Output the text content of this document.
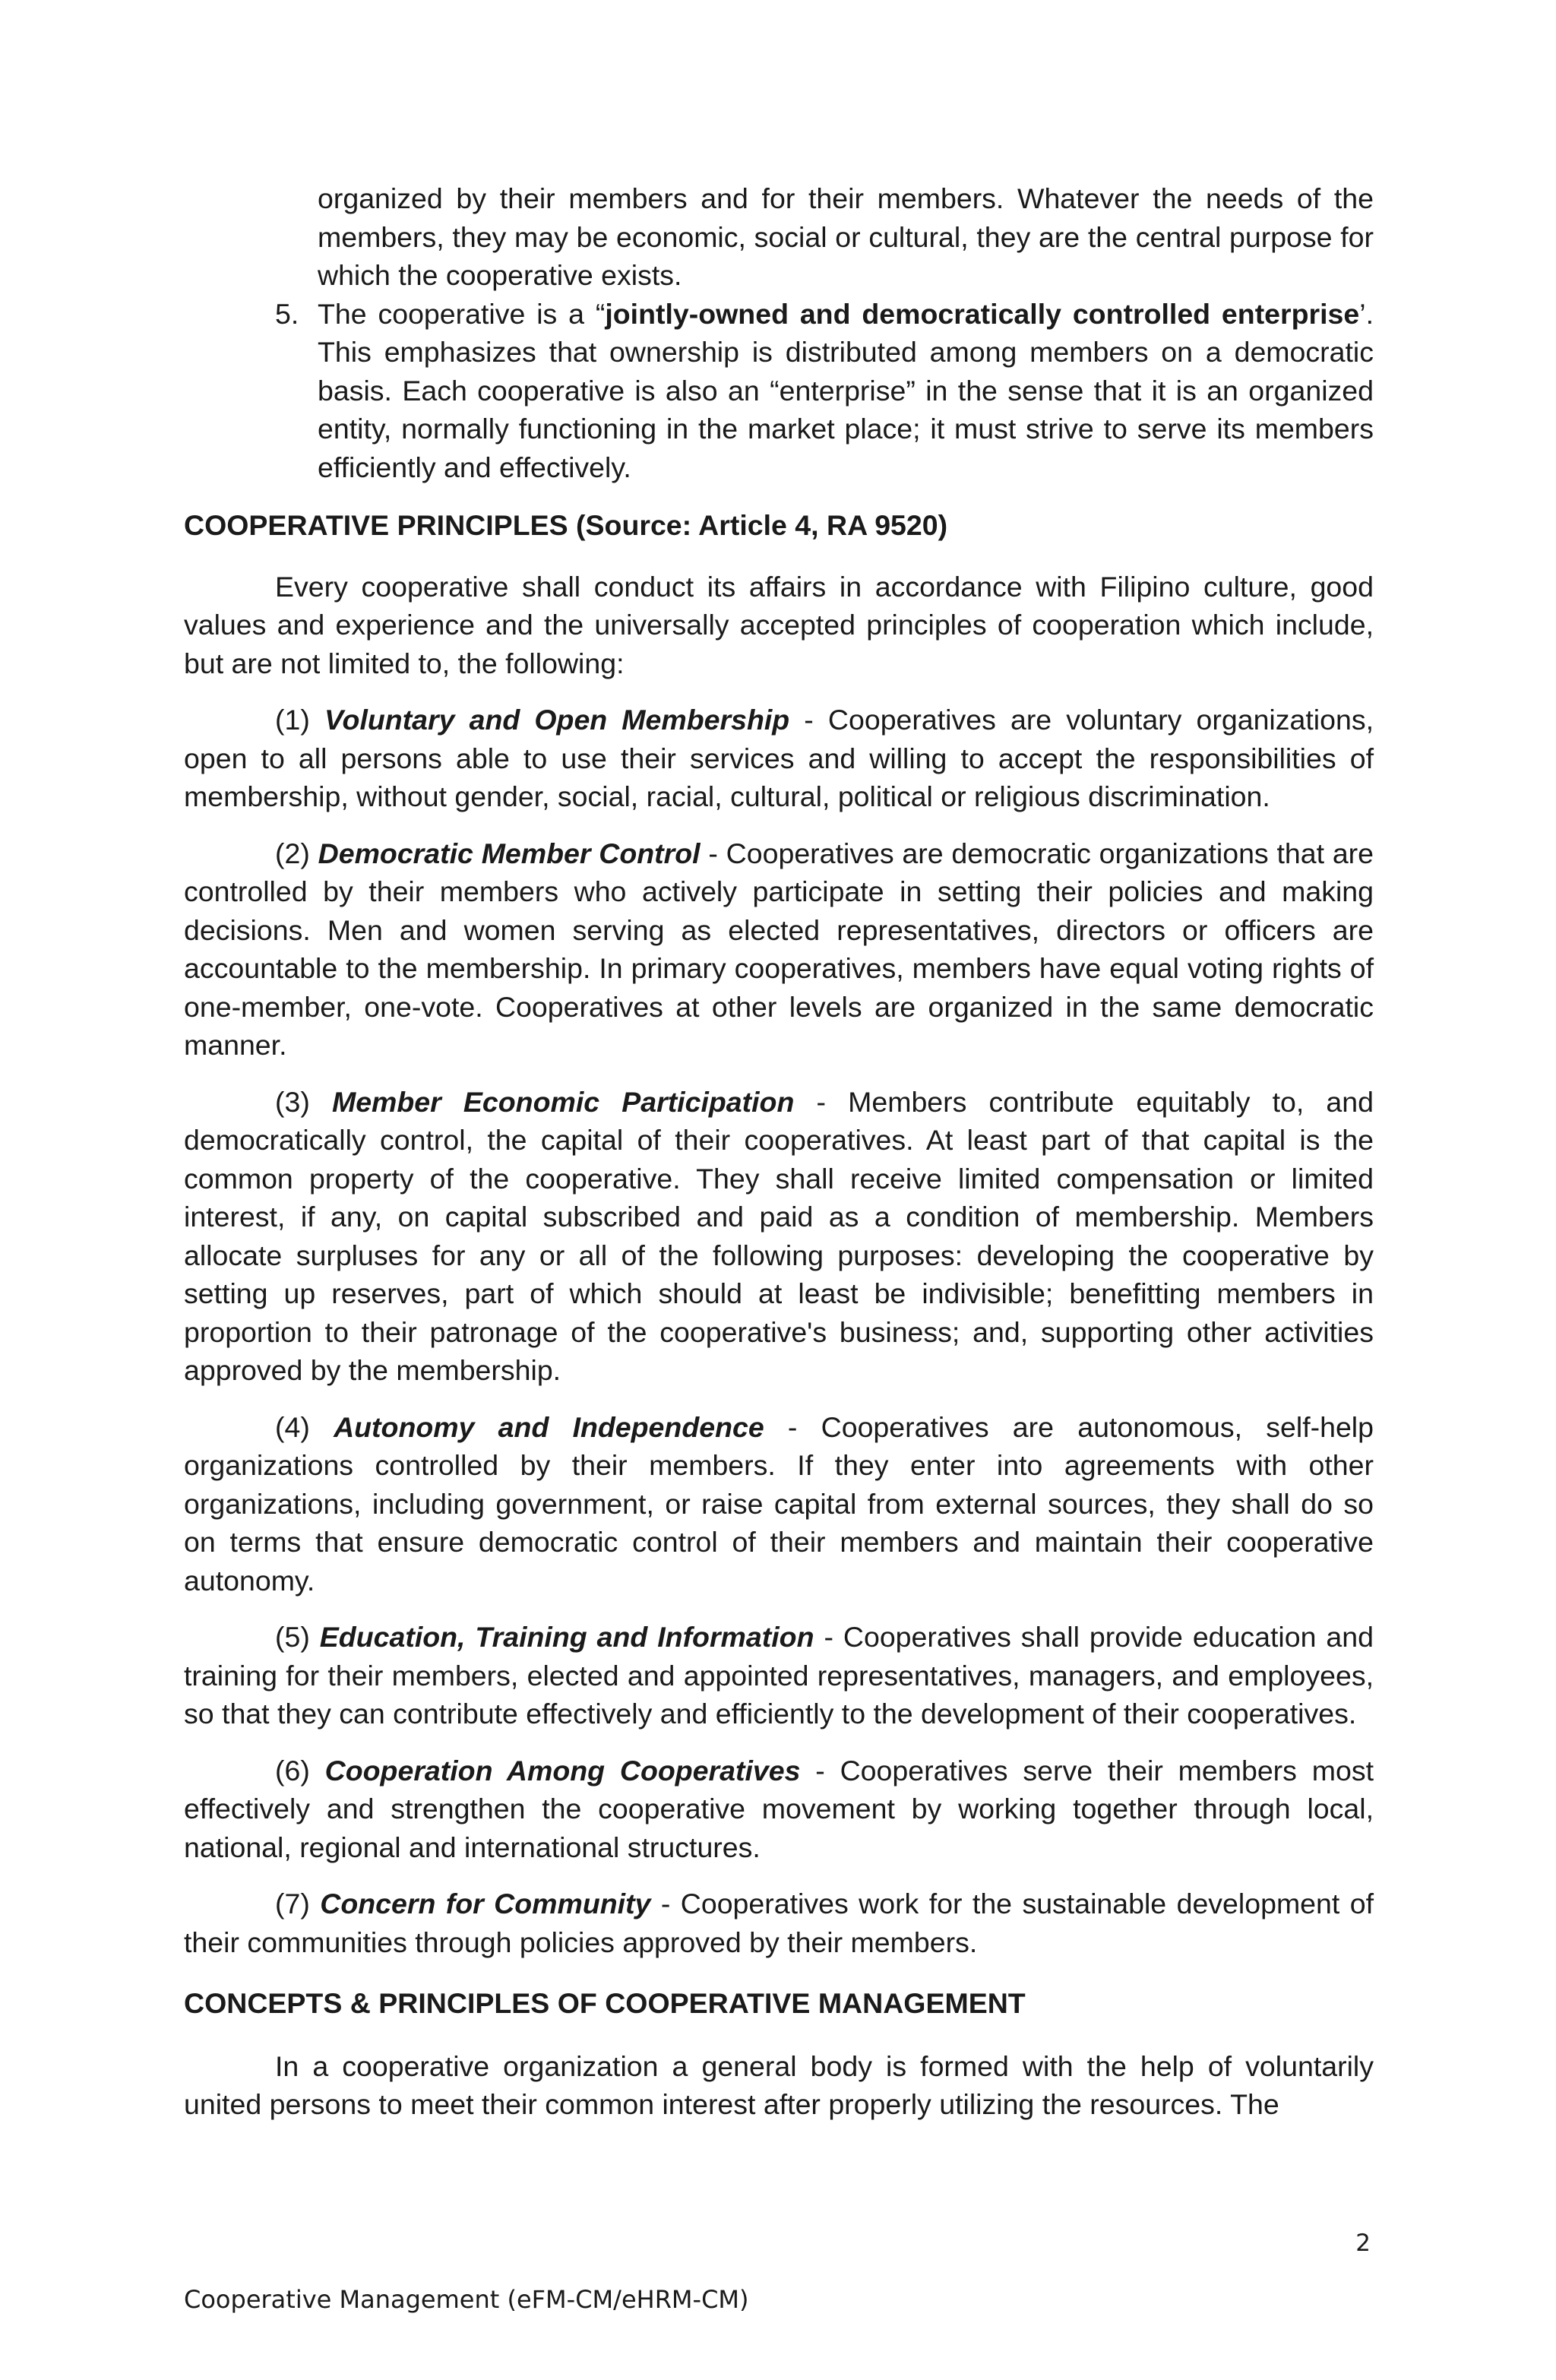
organized by their members and for their members. Whatever the needs of the members, they may be economic, social or cultural, they are the central purpose for which the cooperative exists.
5. The cooperative is a “jointly-owned and democratically controlled enterprise’. This emphasizes that ownership is distributed among members on a democratic basis. Each cooperative is also an “enterprise” in the sense that it is an organized entity, normally functioning in the market place; it must strive to serve its members efficiently and effectively.
COOPERATIVE PRINCIPLES (Source: Article 4, RA 9520)

Every cooperative shall conduct its affairs in accordance with Filipino culture, good values and experience and the universally accepted principles of cooperation which include, but are not limited to, the following:

(1) Voluntary and Open Membership - Cooperatives are voluntary organizations, open to all persons able to use their services and willing to accept the responsibilities of membership, without gender, social, racial, cultural, political or religious discrimination.

(2) Democratic Member Control - Cooperatives are democratic organizations that are controlled by their members who actively participate in setting their policies and making decisions. Men and women serving as elected representatives, directors or officers are accountable to the membership. In primary cooperatives, members have equal voting rights of one-member, one-vote. Cooperatives at other levels are organized in the same democratic manner.

(3) Member Economic Participation - Members contribute equitably to, and democratically control, the capital of their cooperatives. At least part of that capital is the common property of the cooperative. They shall receive limited compensation or limited interest, if any, on capital subscribed and paid as a condition of membership. Members allocate surpluses for any or all of the following purposes: developing the cooperative by setting up reserves, part of which should at least be indivisible; benefitting members in proportion to their patronage of the cooperative's business; and, supporting other activities approved by the membership.

(4) Autonomy and Independence - Cooperatives are autonomous, self-help organizations controlled by their members. If they enter into agreements with other organizations, including government, or raise capital from external sources, they shall do so on terms that ensure democratic control of their members and maintain their cooperative autonomy.

(5) Education, Training and Information - Cooperatives shall provide education and training for their members, elected and appointed representatives, managers, and employees, so that they can contribute effectively and efficiently to the development of their cooperatives.

(6) Cooperation Among Cooperatives - Cooperatives serve their members most effectively and strengthen the cooperative movement by working together through local, national, regional and international structures.

(7) Concern for Community - Cooperatives work for the sustainable development of their communities through policies approved by their members.

CONCEPTS & PRINCIPLES OF COOPERATIVE MANAGEMENT

In a cooperative organization a general body is formed with the help of voluntarily united persons to meet their common interest after properly utilizing the resources. The

2
Cooperative Management (eFM-CM/eHRM-CM)
